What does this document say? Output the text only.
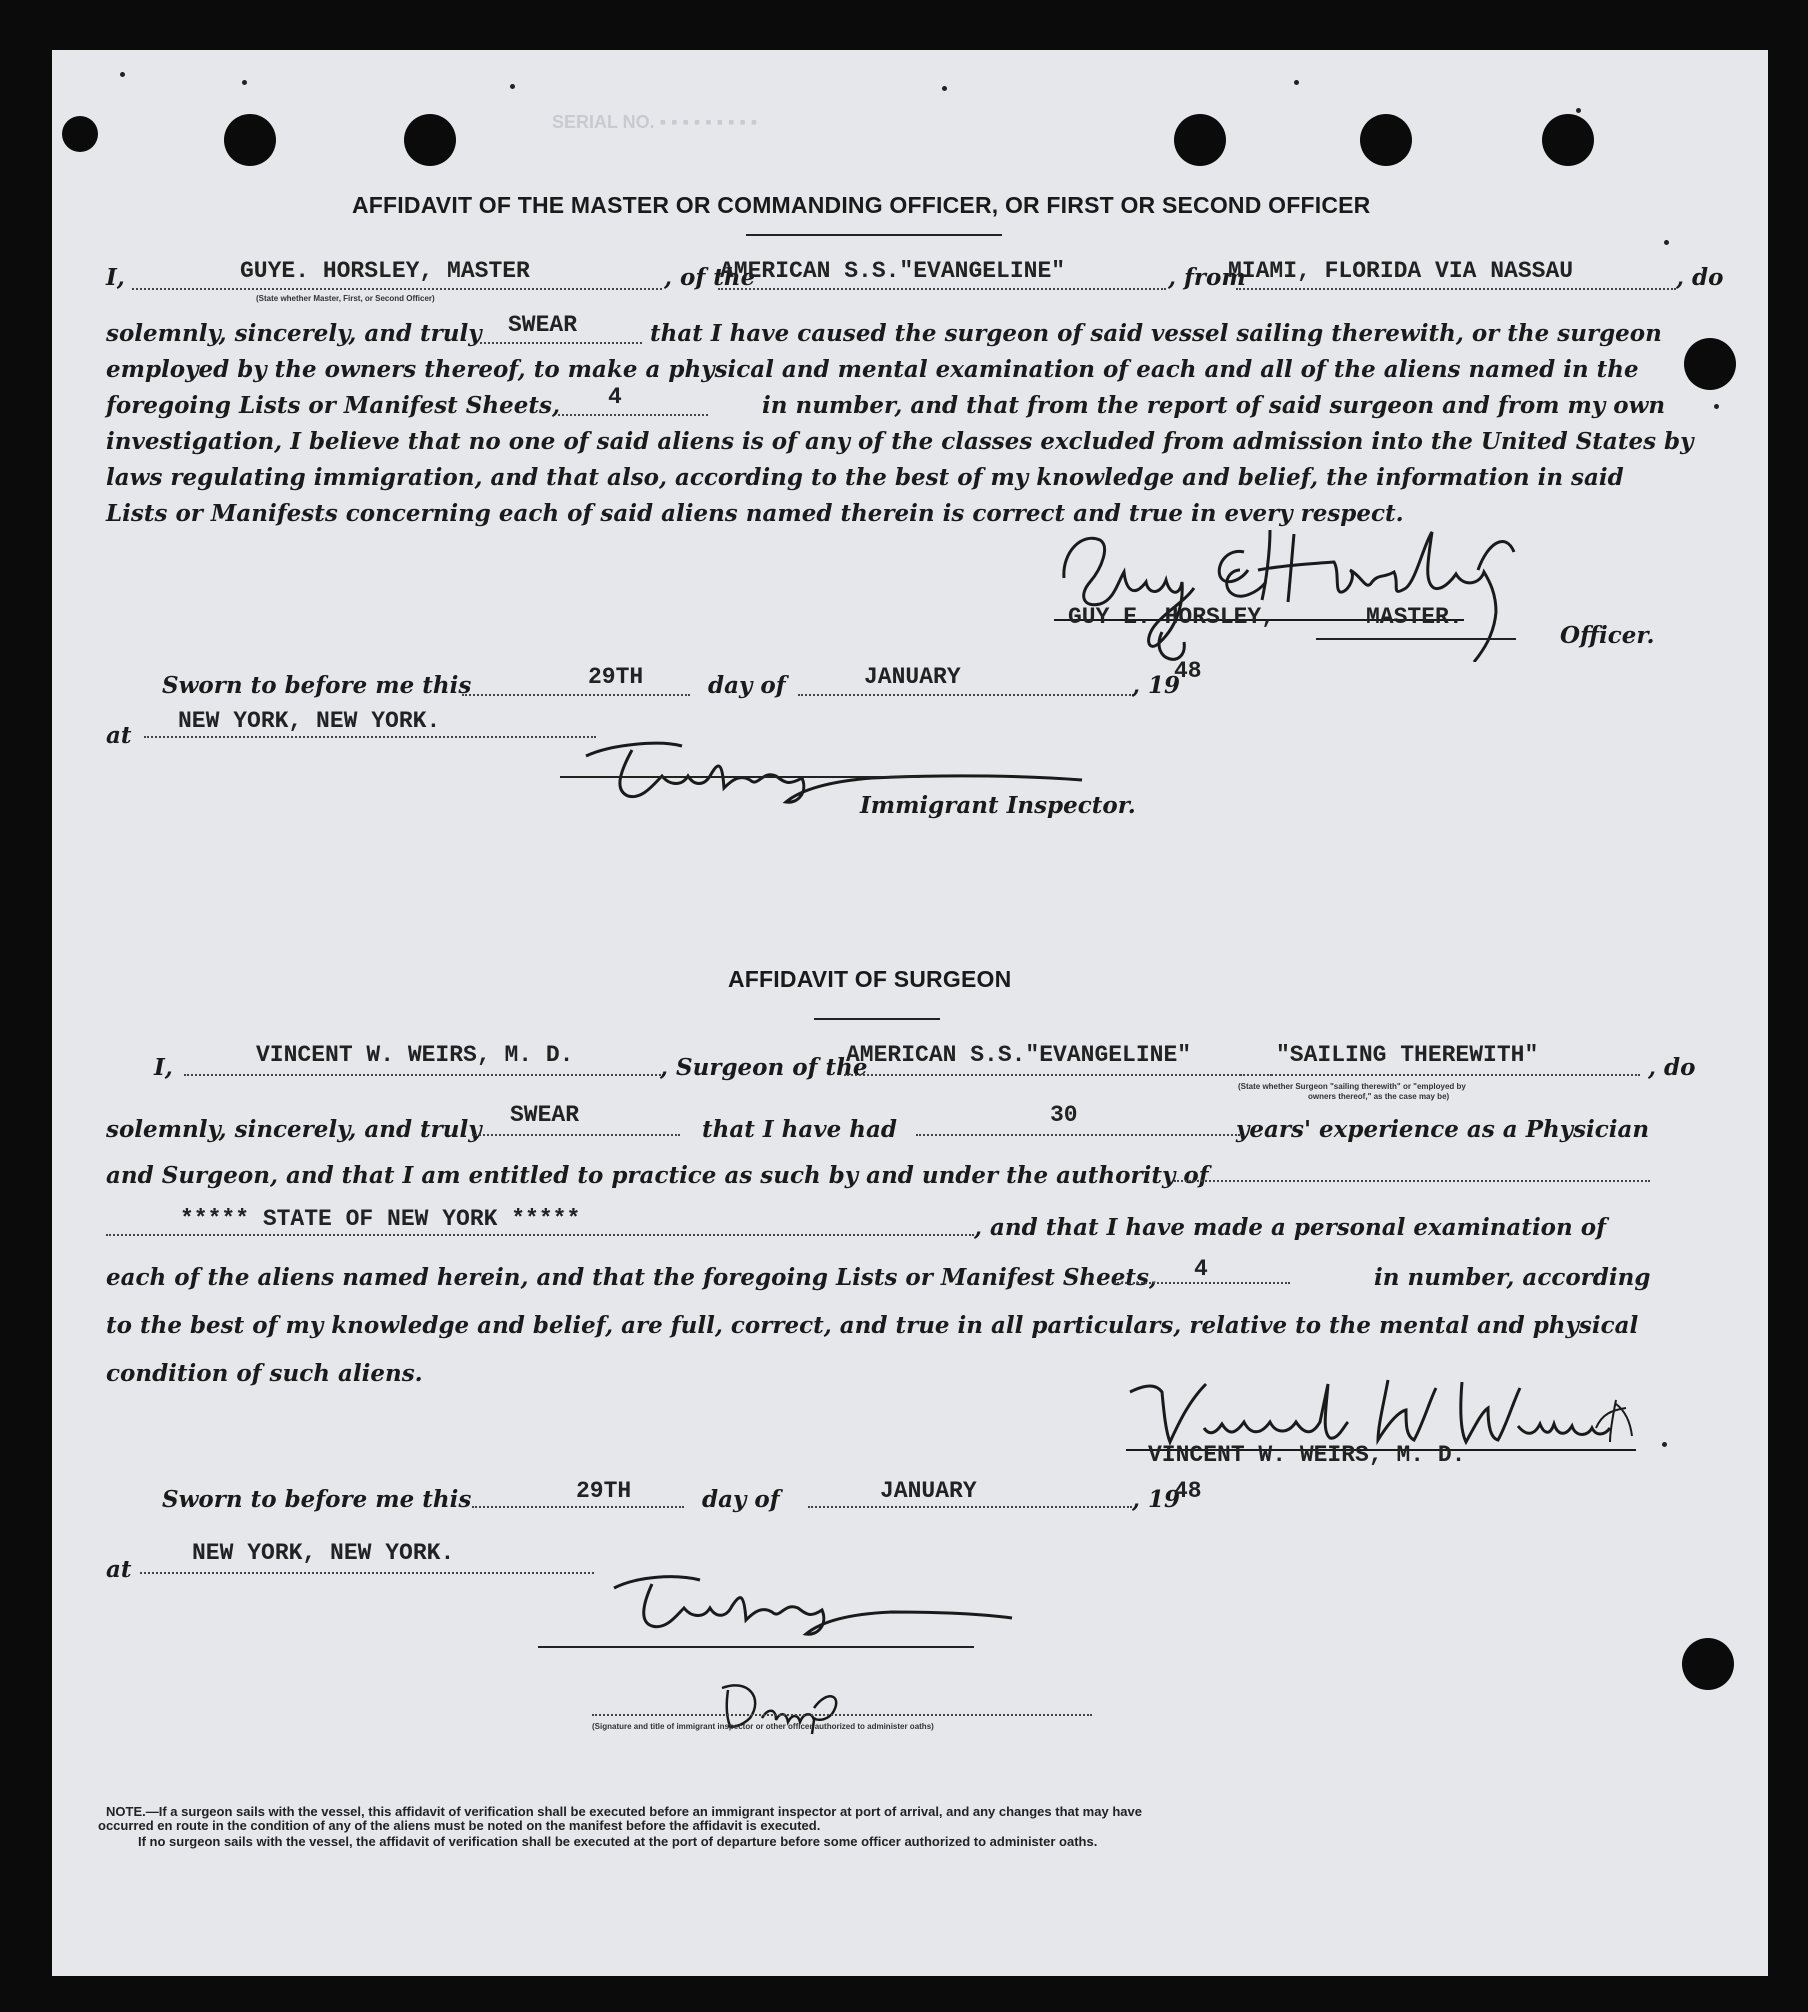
SERIAL NO. ▪ ▪ ▪ ▪ ▪ ▪ ▪ ▪ ▪
AFFIDAVIT OF THE MASTER OR COMMANDING OFFICER, OR FIRST OR SECOND OFFICER
I,	GUYE. HORSLEY, MASTER
(State whether Master, First, or Second Officer)
, of the
AMERICAN S.S."EVANGELINE"	, from
MIAMI, FLORIDA VIA NASSAU	, do
solemnly, sincerely, and truly SWEAR	that I have caused the surgeon of said vessel sailing therewith, or the surgeon
employed by the owners thereof, to make a physical and mental examination of each and all of the aliens named in the
foregoing Lists or Manifest Sheets, 4	in number, and that from the report of said surgeon and from my own
investigation, I believe that no one of said aliens is of any of the classes excluded from admission into the United States by
laws regulating immigration, and that also, according to the best of my knowledge and belief, the information in said
Lists or Manifests concerning each of said aliens named therein is correct and true in every respect.
GUY E. HORSLEY,	MASTER.
Officer.
Sworn to before me this	29TH	day of	JANUARY	, 19
48
at
NEW YORK, NEW YORK.
Immigrant Inspector.
AFFIDAVIT OF SURGEON
I,	VINCENT W. WEIRS, M. D.	, Surgeon of the
AMERICAN S.S."EVANGELINE"	"SAILING THEREWITH"	, do
(State whether Surgeon "sailing therewith" or "employed by
owners thereof," as the case may be)
solemnly, sincerely, and truly
SWEAR
that I have had
30
years' experience as a Physician
and Surgeon, and that I am entitled to practice as such by and under the authority of
***** STATE OF NEW YORK *****	, and that I have made a personal examination of
each of the aliens named herein, and that the foregoing Lists or Manifest Sheets, 4	in number, according
to the best of my knowledge and belief, are full, correct, and true in all particulars, relative to the mental and physical
condition of such aliens.
VINCENT W. WEIRS, M. D.
Sworn to before me this	29TH	day of	JANUARY	, 19
48
at
NEW YORK, NEW YORK.
(Signature and title of immigrant inspector or other officer authorized to administer oaths)
NOTE.—If a surgeon sails with the vessel, this affidavit of verification shall be executed before an immigrant inspector at port of arrival, and any changes that may have
occurred en route in the condition of any of the aliens must be noted on the manifest before the affidavit is executed.
If no surgeon sails with the vessel, the affidavit of verification shall be executed at the port of departure before some officer authorized to administer oaths.
